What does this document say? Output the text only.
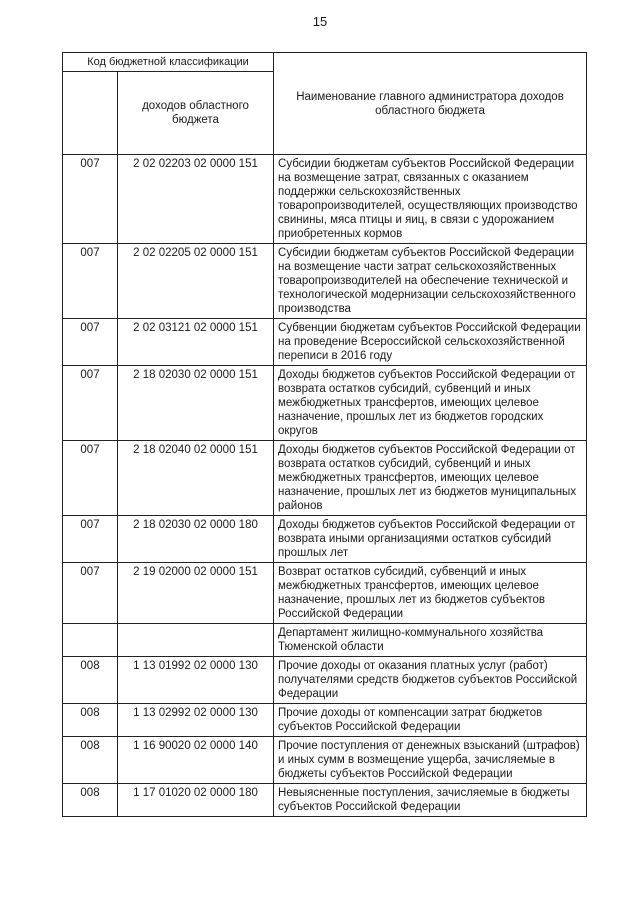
15
Код бюджетной классификации		Наименование главного администратора доходов областного бюджета
	доходов областного бюджета	
007	2 02 02203 02 0000 151	Субсидии бюджетам субъектов Российской Федерации на возмещение затрат, связанных с оказанием поддержки сельскохозяйственных товаропроизводителей, осуществляющих производство свинины, мяса птицы и яиц, в связи с удорожанием приобретенных кормов
007	2 02 02205 02 0000 151	Субсидии бюджетам субъектов Российской Федерации на возмещение части затрат сельскохозяйственных товаропроизводителей на обеспечение технической и технологической модернизации сельскохозяйственного производства
007	2 02 03121 02 0000 151	Субвенции бюджетам субъектов Российской Федерации на проведение Всероссийской сельскохозяйственной переписи в 2016 году
007	2 18 02030 02 0000 151	Доходы бюджетов субъектов Российской Федерации от возврата остатков субсидий, субвенций и иных межбюджетных трансфертов, имеющих целевое назначение, прошлых лет из бюджетов городских округов
007	2 18 02040 02 0000 151	Доходы бюджетов субъектов Российской Федерации от возврата остатков субсидий, субвенций и иных межбюджетных трансфертов, имеющих целевое назначение, прошлых лет из бюджетов муниципальных районов
007	2 18 02030 02 0000 180	Доходы бюджетов субъектов Российской Федерации от возврата иными организациями остатков субсидий прошлых лет
007	2 19 02000 02 0000 151	Возврат остатков субсидий, субвенций и иных межбюджетных трансфертов, имеющих целевое назначение, прошлых лет из бюджетов субъектов Российской Федерации
		Департамент жилищно-коммунального хозяйства Тюменской области
008	1 13 01992 02 0000 130	Прочие доходы от оказания платных услуг (работ) получателями средств бюджетов субъектов Российской Федерации
008	1 13 02992 02 0000 130	Прочие доходы от компенсации затрат бюджетов субъектов Российской Федерации
008	1 16 90020 02 0000 140	Прочие поступления от денежных взысканий (штрафов) и иных сумм в возмещение ущерба, зачисляемые в бюджеты субъектов Российской Федерации
008	1 17 01020 02 0000 180	Невыясненные поступления, зачисляемые в бюджеты субъектов Российской Федерации
